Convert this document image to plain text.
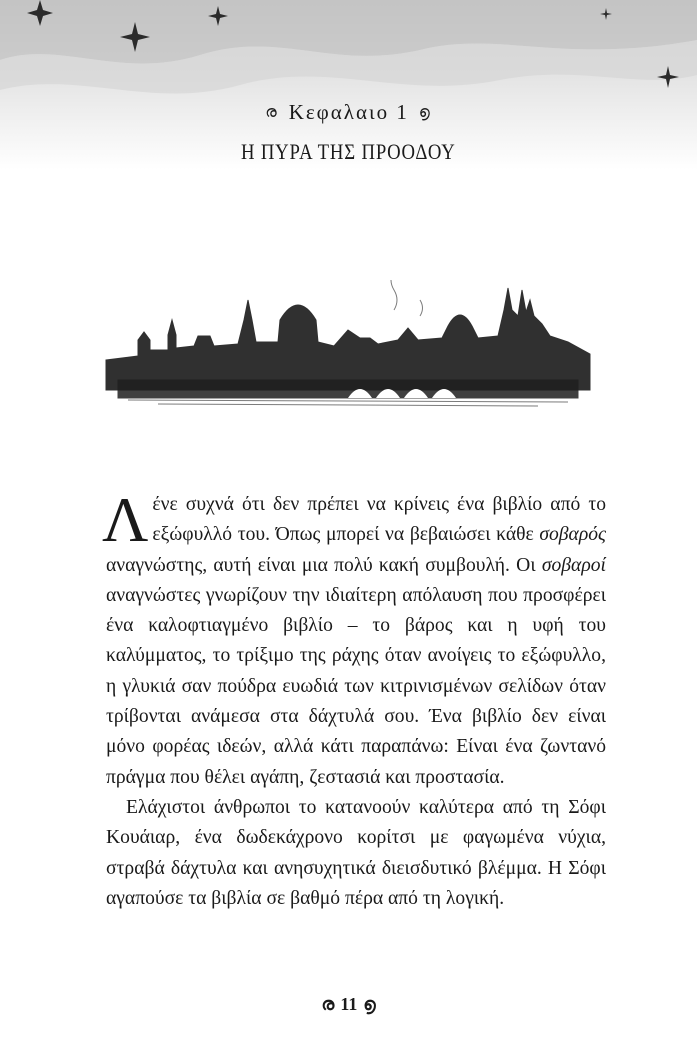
ര Κεφαλαιο 1 ൭
Η ΠΥΡΑ ΤΗΣ ΠΡΟΟΔΟΥ

Λένε συχνά ότι δεν πρέπει να κρίνεις ένα βιβλίο από το εξώφυλλό του. Όπως μπορεί να βεβαιώσει κάθε σοβαρός αναγνώστης, αυτή είναι μια πολύ κακή συμβουλή. Οι σοβαροί αναγνώστες γνωρίζουν την ιδιαίτερη απόλαυση που προσφέρει ένα καλοφτιαγμένο βιβλίο – το βάρος και η υφή του καλύμματος, το τρίξιμο της ράχης όταν ανοίγεις το εξώφυλλο, η γλυκιά σαν πούδρα ευωδιά των κιτρινισμένων σελίδων όταν τρίβονται ανάμεσα στα δάχτυλά σου. Ένα βιβλίο δεν είναι μόνο φορέας ιδεών, αλλά κάτι παραπάνω: Είναι ένα ζωντανό πράγμα που θέλει αγάπη, ζεστασιά και προστασία.

Ελάχιστοι άνθρωποι το κατανοούν καλύτερα από τη Σόφι Κουάιαρ, ένα δωδεκάχρονο κορίτσι με φαγωμένα νύχια, στραβά δάχτυλα και ανησυχητικά διεισδυτικό βλέμμα. Η Σόφι αγαπούσε τα βιβλία σε βαθμό πέρα από τη λογική.

ര 11 ൭
